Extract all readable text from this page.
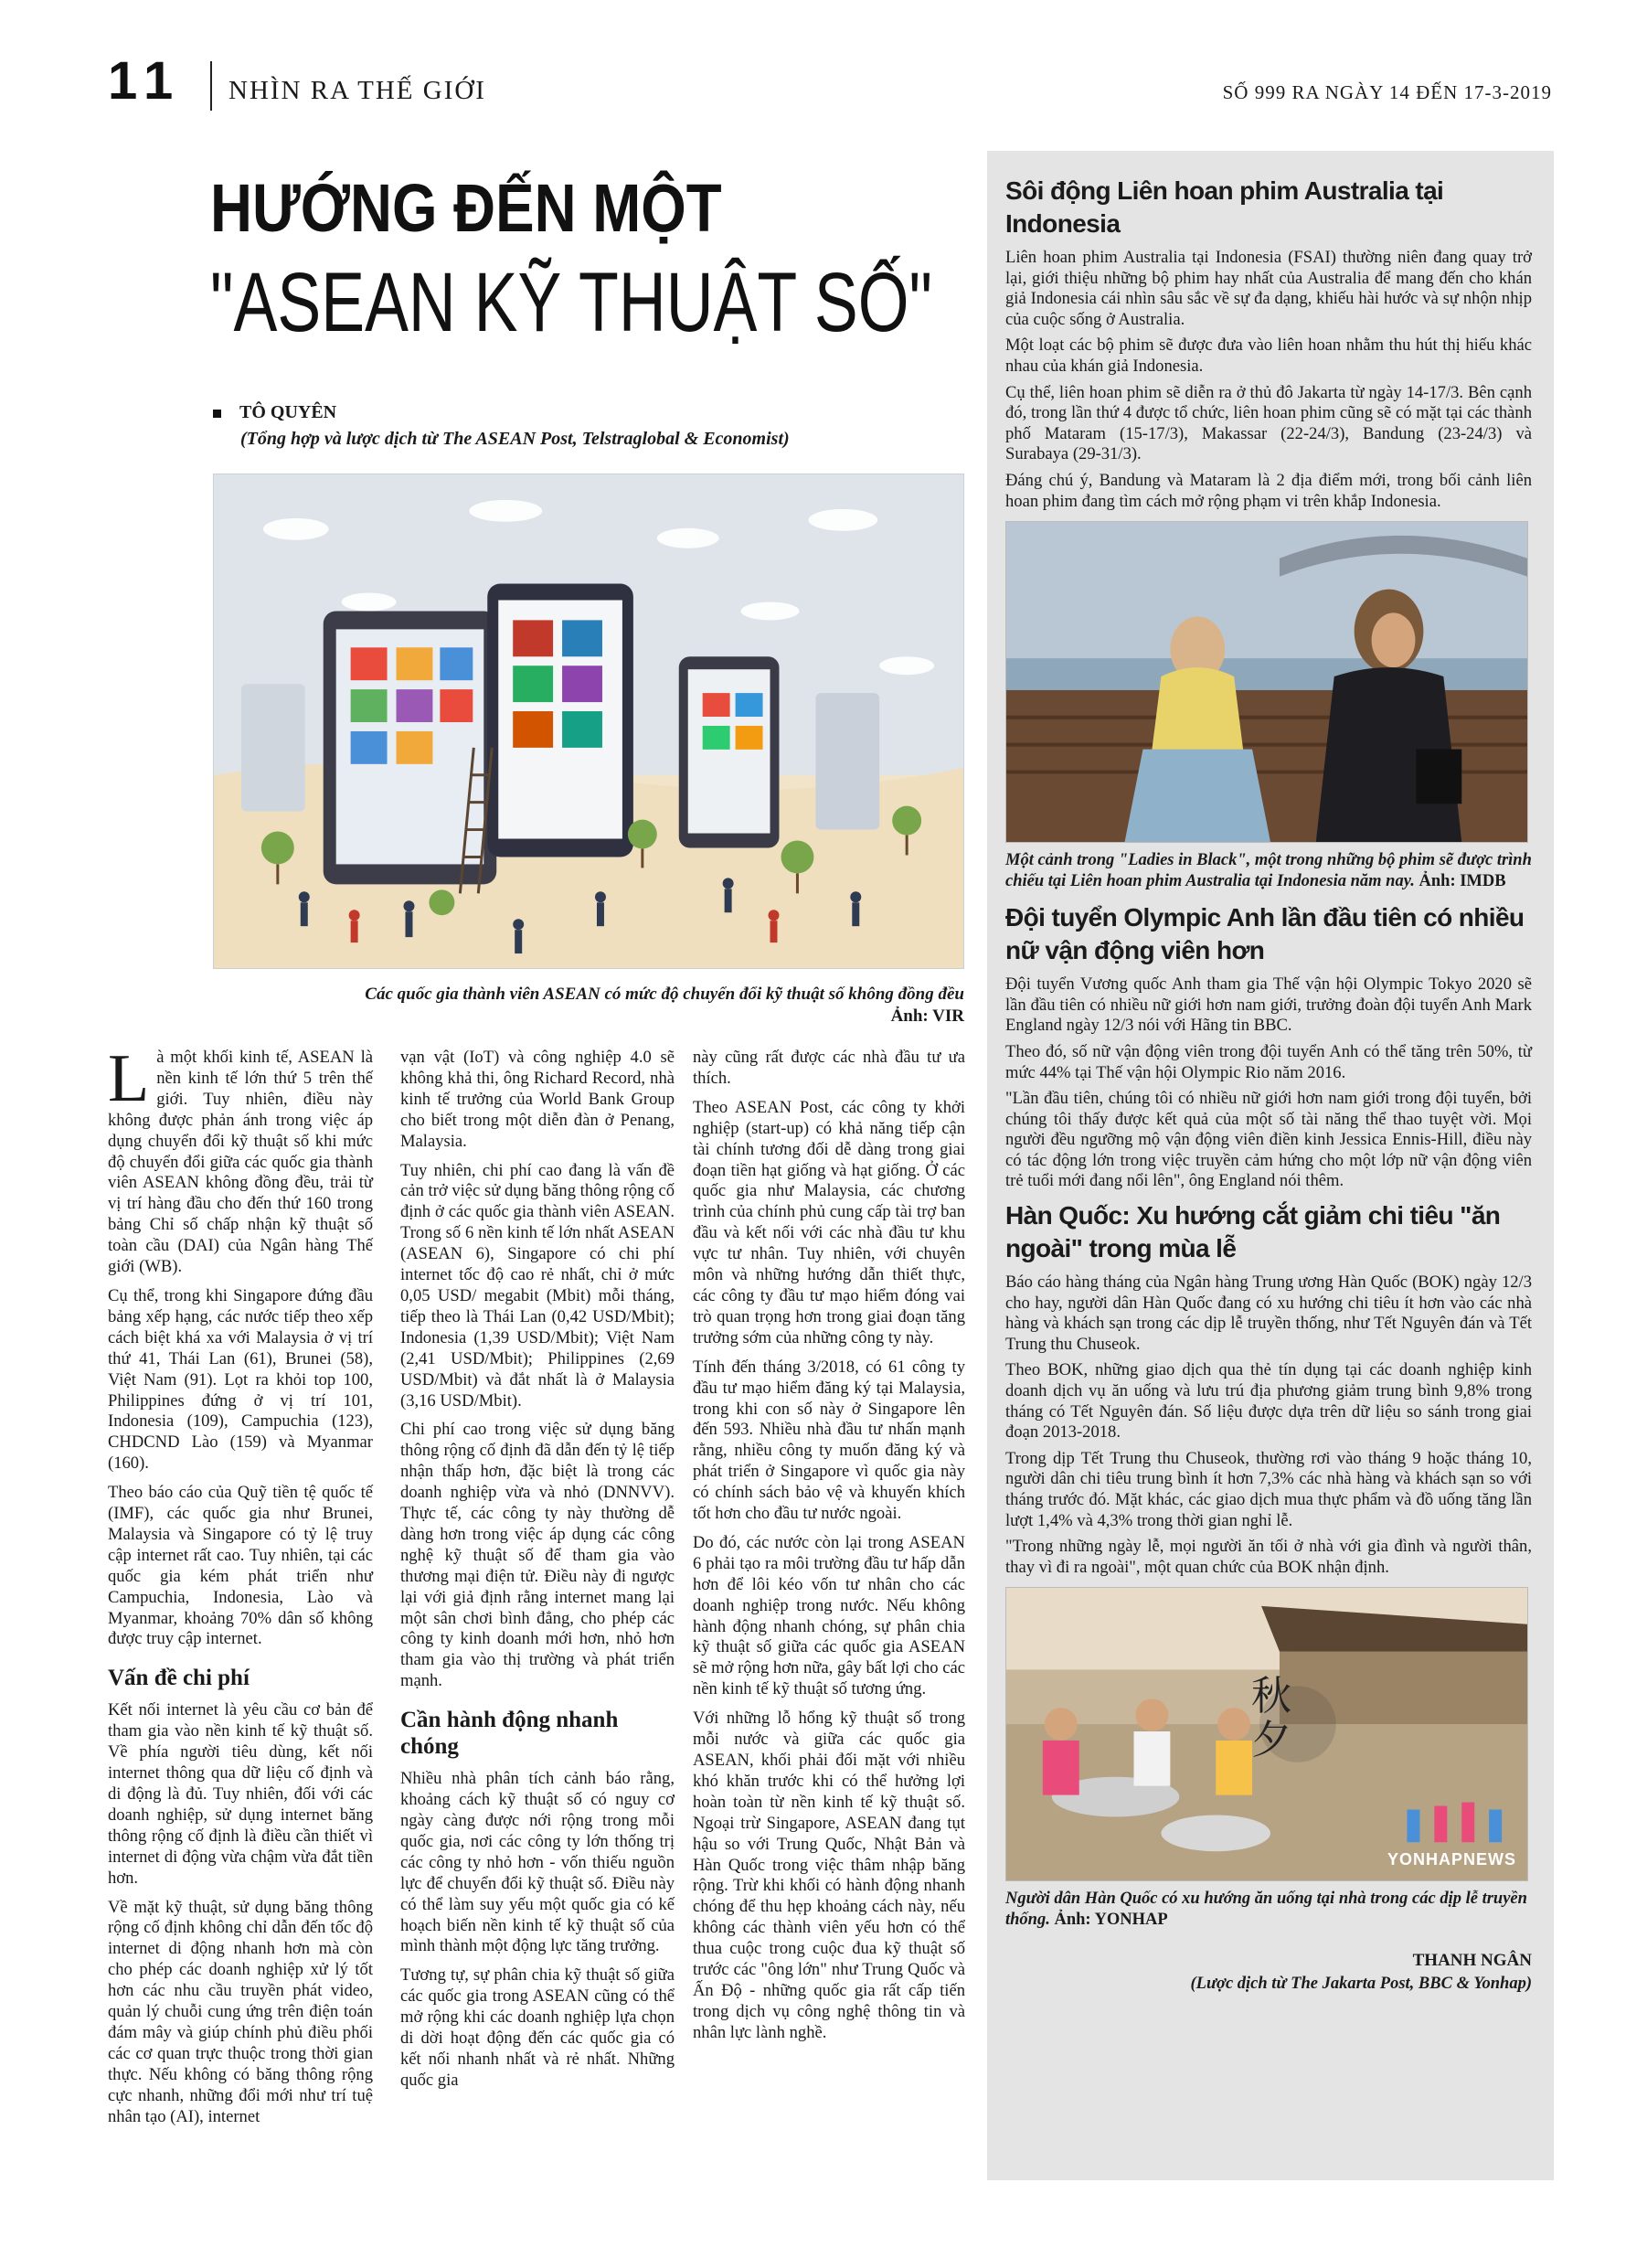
11 NHÌN RA THẾ GIỚI	SỐ 999 RA NGÀY 14 ĐẾN 17-3-2019
HƯỚNG ĐẾN MỘT
"ASEAN KỸ THUẬT SỐ"
TÔ QUYÊN
(Tổng hợp và lược dịch từ The ASEAN Post, Telstraglobal & Economist)
Các quốc gia thành viên ASEAN có mức độ chuyển đổi kỹ thuật số không đồng đều
Ảnh: VIR

Là một khối kinh tế, ASEAN là nền kinh tế lớn thứ 5 trên thế giới. Tuy nhiên, điều này không được phản ánh trong việc áp dụng chuyển đổi kỹ thuật số khi mức độ chuyển đổi giữa các quốc gia thành viên ASEAN không đồng đều, trải từ vị trí hàng đầu cho đến thứ 160 trong bảng Chỉ số chấp nhận kỹ thuật số toàn cầu (DAI) của Ngân hàng Thế giới (WB).

Cụ thể, trong khi Singapore đứng đầu bảng xếp hạng, các nước tiếp theo xếp cách biệt khá xa với Malaysia ở vị trí thứ 41, Thái Lan (61), Brunei (58), Việt Nam (91). Lọt ra khỏi top 100, Philippines đứng ở vị trí 101, Indonesia (109), Campuchia (123), CHDCND Lào (159) và Myanmar (160).

Theo báo cáo của Quỹ tiền tệ quốc tế (IMF), các quốc gia như Brunei, Malaysia và Singapore có tỷ lệ truy cập internet rất cao. Tuy nhiên, tại các quốc gia kém phát triển như Campuchia, Indonesia, Lào và Myanmar, khoảng 70% dân số không được truy cập internet.

Vấn đề chi phí

Kết nối internet là yêu cầu cơ bản để tham gia vào nền kinh tế kỹ thuật số. Về phía người tiêu dùng, kết nối internet thông qua dữ liệu cố định và di động là đủ. Tuy nhiên, đối với các doanh nghiệp, sử dụng internet băng thông rộng cố định là điều cần thiết vì internet di động vừa chậm vừa đắt tiền hơn.

Về mặt kỹ thuật, sử dụng băng thông rộng cố định không chỉ dẫn đến tốc độ internet di động nhanh hơn mà còn cho phép các doanh nghiệp xử lý tốt hơn các nhu cầu truyền phát video, quản lý chuỗi cung ứng trên điện toán đám mây và giúp chính phủ điều phối các cơ quan trực thuộc trong thời gian thực. Nếu không có băng thông rộng cực nhanh, những đổi mới như trí tuệ nhân tạo (AI), internet

vạn vật (IoT) và công nghiệp 4.0 sẽ không khả thi, ông Richard Record, nhà kinh tế trưởng của World Bank Group cho biết trong một diễn đàn ở Penang, Malaysia.

Tuy nhiên, chi phí cao đang là vấn đề cản trở việc sử dụng băng thông rộng cố định ở các quốc gia thành viên ASEAN. Trong số 6 nền kinh tế lớn nhất ASEAN (ASEAN 6), Singapore có chi phí internet tốc độ cao rẻ nhất, chỉ ở mức 0,05 USD/ megabit (Mbit) mỗi tháng, tiếp theo là Thái Lan (0,42 USD/Mbit); Indonesia (1,39 USD/Mbit); Việt Nam (2,41 USD/Mbit); Philippines (2,69 USD/Mbit) và đắt nhất là ở Malaysia (3,16 USD/Mbit).

Chi phí cao trong việc sử dụng băng thông rộng cố định đã dẫn đến tỷ lệ tiếp nhận thấp hơn, đặc biệt là trong các doanh nghiệp vừa và nhỏ (DNNVV). Thực tế, các công ty này thường dễ dàng hơn trong việc áp dụng các công nghệ kỹ thuật số để tham gia vào thương mại điện tử. Điều này đi ngược lại với giả định rằng internet mang lại một sân chơi bình đẳng, cho phép các công ty kinh doanh mới hơn, nhỏ hơn tham gia vào thị trường và phát triển mạnh.

Cần hành động nhanh chóng

Nhiều nhà phân tích cảnh báo rằng, khoảng cách kỹ thuật số có nguy cơ ngày càng được nới rộng trong mỗi quốc gia, nơi các công ty lớn thống trị các công ty nhỏ hơn - vốn thiếu nguồn lực để chuyển đổi kỹ thuật số. Điều này có thể làm suy yếu một quốc gia có kế hoạch biến nền kinh tế kỹ thuật số của mình thành một động lực tăng trưởng.

Tương tự, sự phân chia kỹ thuật số giữa các quốc gia trong ASEAN cũng có thể mở rộng khi các doanh nghiệp lựa chọn di dời hoạt động đến các quốc gia có kết nối nhanh nhất và rẻ nhất. Những quốc gia

này cũng rất được các nhà đầu tư ưa thích.

Theo ASEAN Post, các công ty khởi nghiệp (start-up) có khả năng tiếp cận tài chính tương đối dễ dàng trong giai đoạn tiền hạt giống và hạt giống. Ở các quốc gia như Malaysia, các chương trình của chính phủ cung cấp tài trợ ban đầu và kết nối với các nhà đầu tư khu vực tư nhân. Tuy nhiên, với chuyên môn và những hướng dẫn thiết thực, các công ty đầu tư mạo hiểm đóng vai trò quan trọng hơn trong giai đoạn tăng trưởng sớm của những công ty này.

Tính đến tháng 3/2018, có 61 công ty đầu tư mạo hiểm đăng ký tại Malaysia, trong khi con số này ở Singapore lên đến 593. Nhiều nhà đầu tư nhấn mạnh rằng, nhiều công ty muốn đăng ký và phát triển ở Singapore vì quốc gia này có chính sách bảo vệ và khuyến khích tốt hơn cho đầu tư nước ngoài.

Do đó, các nước còn lại trong ASEAN 6 phải tạo ra môi trường đầu tư hấp dẫn hơn để lôi kéo vốn tư nhân cho các doanh nghiệp trong nước. Nếu không hành động nhanh chóng, sự phân chia kỹ thuật số giữa các quốc gia ASEAN sẽ mở rộng hơn nữa, gây bất lợi cho các nền kinh tế kỹ thuật số tương ứng.

Với những lỗ hổng kỹ thuật số trong mỗi nước và giữa các quốc gia ASEAN, khối phải đối mặt với nhiều khó khăn trước khi có thể hưởng lợi hoàn toàn từ nền kinh tế kỹ thuật số. Ngoại trừ Singapore, ASEAN đang tụt hậu so với Trung Quốc, Nhật Bản và Hàn Quốc trong việc thâm nhập băng rộng. Trừ khi khối có hành động nhanh chóng để thu hẹp khoảng cách này, nếu không các thành viên yếu hơn có thể thua cuộc trong cuộc đua kỹ thuật số trước các "ông lớn" như Trung Quốc và Ấn Độ - những quốc gia rất cấp tiến trong dịch vụ công nghệ thông tin và nhân lực lành nghề.

Sôi động Liên hoan phim Australia tại Indonesia

Liên hoan phim Australia tại Indonesia (FSAI) thường niên đang quay trở lại, giới thiệu những bộ phim hay nhất của Australia để mang đến cho khán giả Indonesia cái nhìn sâu sắc về sự đa dạng, khiếu hài hước và sự nhộn nhịp của cuộc sống ở Australia.

Một loạt các bộ phim sẽ được đưa vào liên hoan nhằm thu hút thị hiếu khác nhau của khán giả Indonesia.

Cụ thể, liên hoan phim sẽ diễn ra ở thủ đô Jakarta từ ngày 14-17/3. Bên cạnh đó, trong lần thứ 4 được tổ chức, liên hoan phim cũng sẽ có mặt tại các thành phố Mataram (15-17/3), Makassar (22-24/3), Bandung (23-24/3) và Surabaya (29-31/3).

Đáng chú ý, Bandung và Mataram là 2 địa điểm mới, trong bối cảnh liên hoan phim đang tìm cách mở rộng phạm vi trên khắp Indonesia.

Một cảnh trong "Ladies in Black", một trong những bộ phim sẽ được trình chiếu tại Liên hoan phim Australia tại Indonesia năm nay. Ảnh: IMDB
Đội tuyển Olympic Anh lần đầu tiên có nhiều nữ vận động viên hơn

Đội tuyển Vương quốc Anh tham gia Thế vận hội Olympic Tokyo 2020 sẽ lần đầu tiên có nhiều nữ giới hơn nam giới, trưởng đoàn đội tuyển Anh Mark England ngày 12/3 nói với Hãng tin BBC.

Theo đó, số nữ vận động viên trong đội tuyển Anh có thể tăng trên 50%, từ mức 44% tại Thế vận hội Olympic Rio năm 2016.

"Lần đầu tiên, chúng tôi có nhiều nữ giới hơn nam giới trong đội tuyển, bởi chúng tôi thấy được kết quả của một số tài năng thể thao tuyệt vời. Mọi người đều ngưỡng mộ vận động viên điền kinh Jessica Ennis-Hill, điều này có tác động lớn trong việc truyền cảm hứng cho một lớp nữ vận động viên trẻ tuổi mới đang nổi lên", ông England nói thêm.

Hàn Quốc: Xu hướng cắt giảm chi tiêu "ăn ngoài" trong mùa lễ

Báo cáo hàng tháng của Ngân hàng Trung ương Hàn Quốc (BOK) ngày 12/3 cho hay, người dân Hàn Quốc đang có xu hướng chi tiêu ít hơn vào các nhà hàng và khách sạn trong các dịp lễ truyền thống, như Tết Nguyên đán và Tết Trung thu Chuseok.

Theo BOK, những giao dịch qua thẻ tín dụng tại các doanh nghiệp kinh doanh dịch vụ ăn uống và lưu trú địa phương giảm trung bình 9,8% trong tháng có Tết Nguyên đán. Số liệu được dựa trên dữ liệu so sánh trong giai đoạn 2013-2018.

Trong dịp Tết Trung thu Chuseok, thường rơi vào tháng 9 hoặc tháng 10, người dân chi tiêu trung bình ít hơn 7,3% các nhà hàng và khách sạn so với tháng trước đó. Mặt khác, các giao dịch mua thực phẩm và đồ uống tăng lần lượt 1,4% và 4,3% trong thời gian nghỉ lễ.

"Trong những ngày lễ, mọi người ăn tối ở nhà với gia đình và người thân, thay vì đi ra ngoài", một quan chức của BOK nhận định.

秋夕
YONHAPNEWS
Người dân Hàn Quốc có xu hướng ăn uống tại nhà trong các dịp lễ truyền thống. Ảnh: YONHAP
THANH NGÂN
(Lược dịch từ The Jakarta Post, BBC & Yonhap)
